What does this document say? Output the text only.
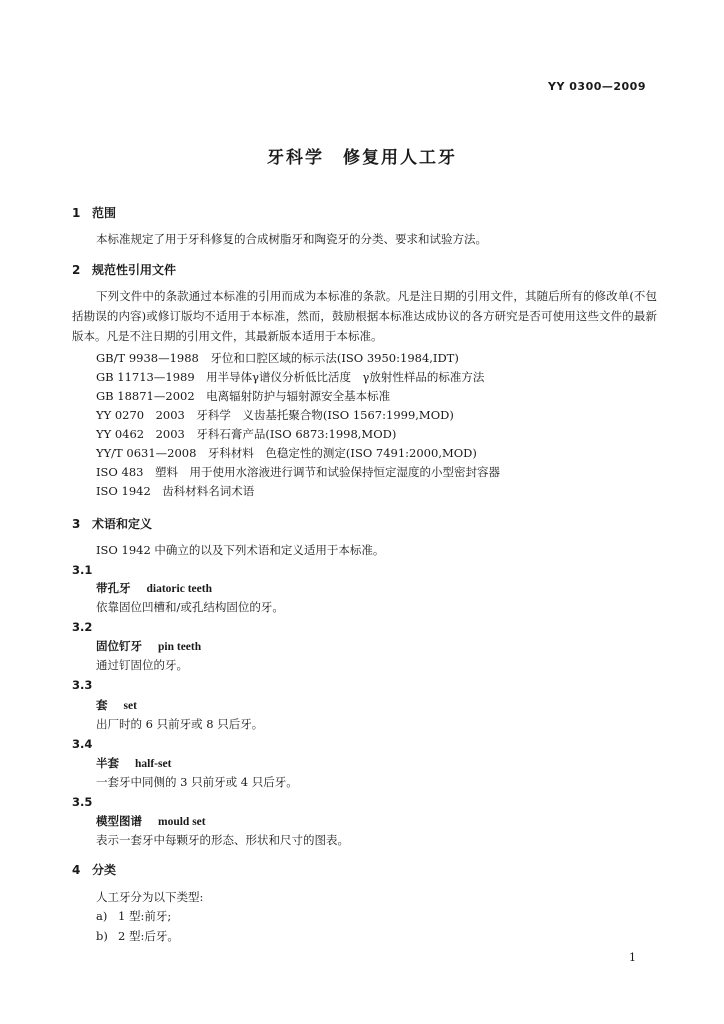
YY 0300—2009
牙科学　修复用人工牙
1 范围
本标准规定了用于牙科修复的合成树脂牙和陶瓷牙的分类、要求和试验方法。
2 规范性引用文件
下列文件中的条款通过本标准的引用而成为本标准的条款。凡是注日期的引用文件，其随后所有的修改单(不包括勘误的内容)或修订版均不适用于本标准，然而，鼓励根据本标准达成协议的各方研究是否可使用这些文件的最新版本。凡是不注日期的引用文件，其最新版本适用于本标准。
GB/T 9938—1988　牙位和口腔区域的标示法(ISO 3950:1984,IDT)
GB 11713—1989　用半导体γ谱仪分析低比活度　γ放射性样品的标准方法
GB 18871—2002　电离辐射防护与辐射源安全基本标准
YY 0270　2003　牙科学　义齿基托聚合物(ISO 1567:1999,MOD)
YY 0462　2003　牙科石膏产品(ISO 6873:1998,MOD)
YY/T 0631—2008　牙科材料　色稳定性的测定(ISO 7491:2000,MOD)
ISO 483　塑料　用于使用水溶液进行调节和试验保持恒定湿度的小型密封容器
ISO 1942　齿科材料名词术语
3 术语和定义
ISO 1942 中确立的以及下列术语和定义适用于本标准。
3.1
带孔牙 diatoric teeth
依靠固位凹槽和/或孔结构固位的牙。
3.2
固位钉牙 pin teeth
通过钉固位的牙。
3.3
套 set
出厂时的 6 只前牙或 8 只后牙。
3.4
半套 half-set
一套牙中同侧的 3 只前牙或 4 只后牙。
3.5
模型图谱 mould set
表示一套牙中每颗牙的形态、形状和尺寸的图表。
4 分类
人工牙分为以下类型:
a) 1 型:前牙;
b) 2 型:后牙。
1
